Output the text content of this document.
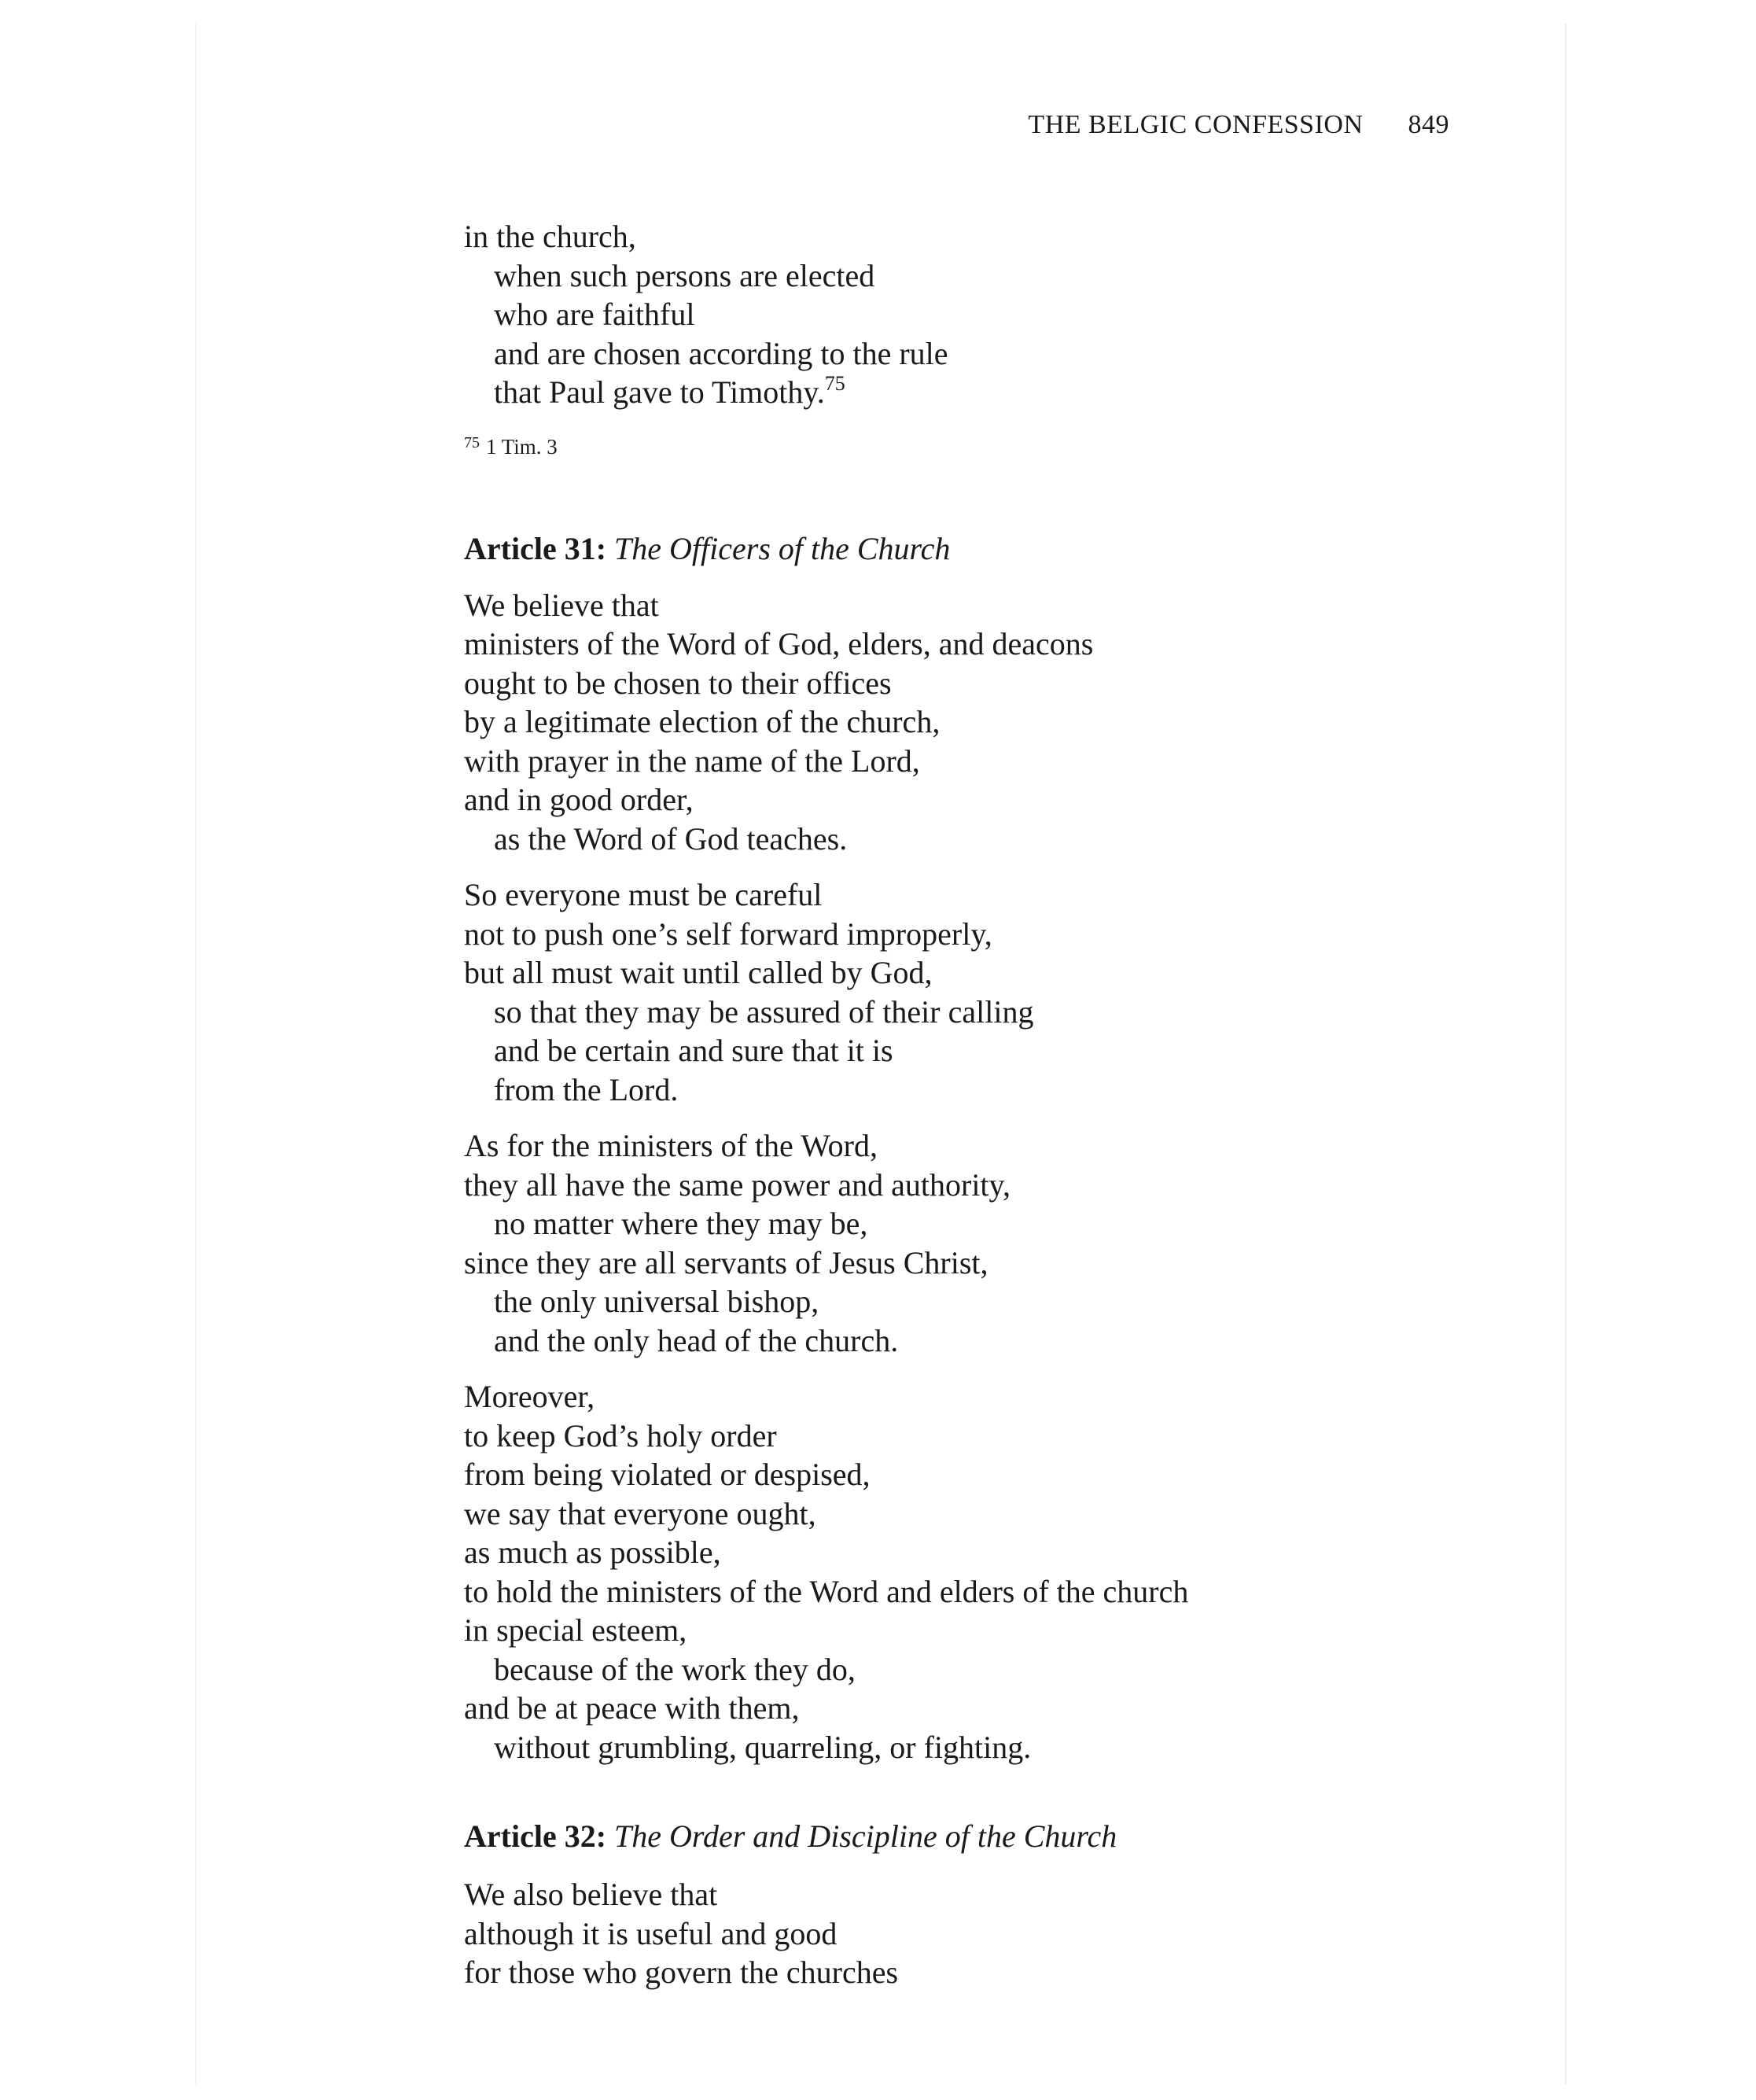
THE BELGIC CONFESSION 849
in the church,
when such persons are elected
who are faithful
and are chosen according to the rule
that Paul gave to Timothy.$^{75}$
$^{75}$ 1 Tim. 3
Article 31: The Officers of the Church
We believe that
ministers of the Word of God, elders, and deacons
ought to be chosen to their offices
by a legitimate election of the church,
with prayer in the name of the Lord,
and in good order,
as the Word of God teaches.
So everyone must be careful
not to push one’s self forward improperly,
but all must wait until called by God,
so that they may be assured of their calling
and be certain and sure that it is
from the Lord.
As for the ministers of the Word,
they all have the same power and authority,
no matter where they may be,
since they are all servants of Jesus Christ,
the only universal bishop,
and the only head of the church.
Moreover,
to keep God’s holy order
from being violated or despised,
we say that everyone ought,
as much as possible,
to hold the ministers of the Word and elders of the church
in special esteem,
because of the work they do,
and be at peace with them,
without grumbling, quarreling, or fighting.
Article 32: The Order and Discipline of the Church
We also believe that
although it is useful and good
for those who govern the churches
